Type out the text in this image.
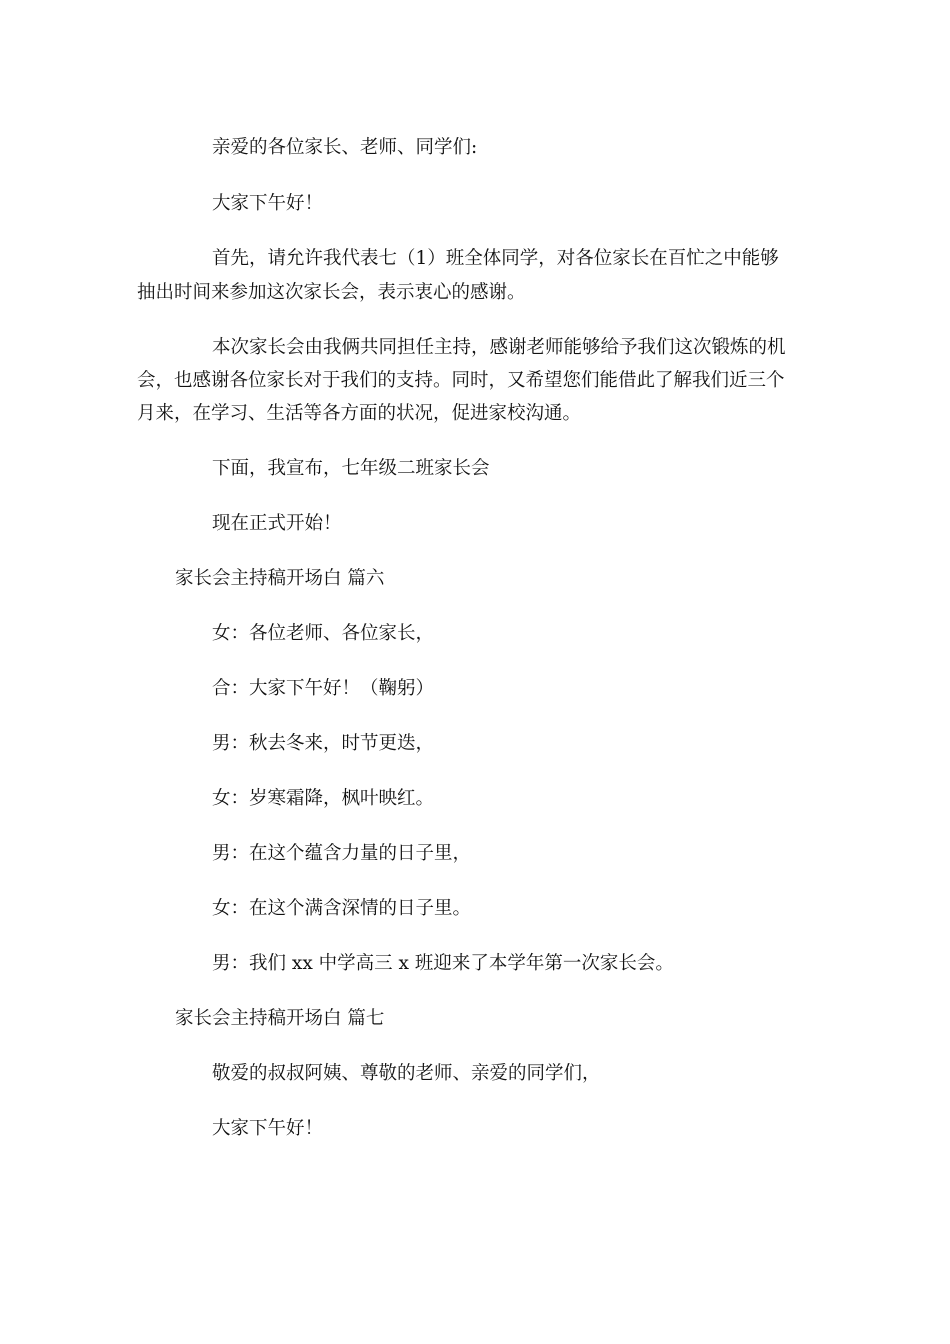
亲爱的各位家长、老师、同学们:

大家下午好！

首先，请允许我代表七（1）班全体同学，对各位家长在百忙之中能够

抽出时间来参加这次家长会，表示衷心的感谢。

本次家长会由我俩共同担任主持，感谢老师能够给予我们这次锻炼的机

会，也感谢各位家长对于我们的支持。同时，又希望您们能借此了解我们近三个

月来，在学习、生活等各方面的状况，促进家校沟通。

下面，我宣布，七年级二班家长会

现在正式开始！

家长会主持稿开场白 篇六

女：各位老师、各位家长，

合：大家下午好！（鞠躬）

男：秋去冬来，时节更迭，

女：岁寒霜降，枫叶映红。

男：在这个蕴含力量的日子里，

女：在这个满含深情的日子里。

男：我们 xx 中学高三 x 班迎来了本学年第一次家长会。

家长会主持稿开场白 篇七

敬爱的叔叔阿姨、尊敬的老师、亲爱的同学们，

大家下午好！
